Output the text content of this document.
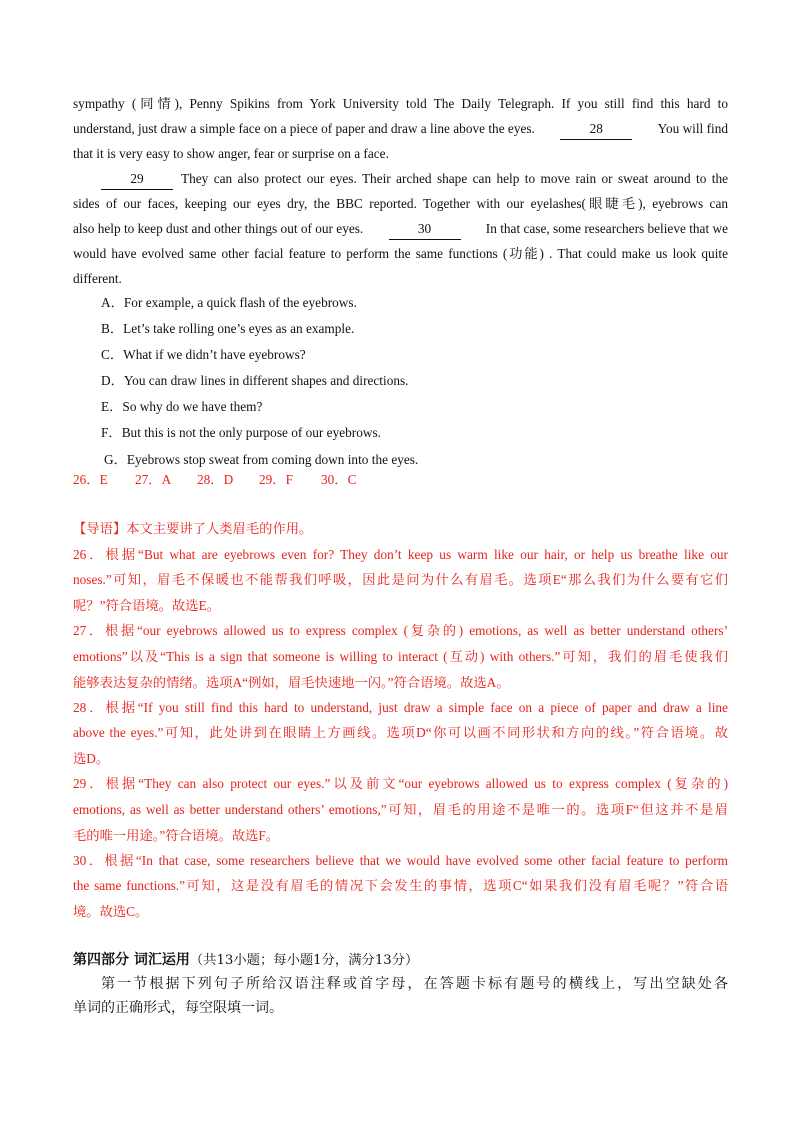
sympathy (同情), Penny Spikins from York University told The Daily Telegraph. If you still find this hard to
understand, just draw a simple face on a piece of paper and draw a line above the eyes.	28	You will find
that it is very easy to show anger, fear or surprise on a face.
29	They can also protect our eyes. Their arched shape can help to move rain or sweat around to the
sides of our faces, keeping our eyes dry, the BBC reported. Together with our eyelashes(眼睫毛), eyebrows can
also help to keep dust and other things out of our eyes.	30	In that case, some researchers believe that we
would have evolved same other facial feature to perform the same functions (功能) . That could make us look quite
different.
A．For example, a quick flash of the eyebrows.
B．Let’s take rolling one’s eyes as an example.
C．What if we didn’t have eyebrows?
D．You can draw lines in different shapes and directions.
E．So why do we have them?
F．But this is not the only purpose of our eyebrows.
G．Eyebrows stop sweat from coming down into the eyes.
26．E	27．A	28．D	29．F	30．C
【导语】本文主要讲了人类眉毛的作用。
26．根据“But what are eyebrows even for? They don’t keep us warm like our hair, or help us breathe like our
noses.”可知，眉毛不保暖也不能帮我们呼吸，因此是问为什么有眉毛。选项E“那么我们为什么要有它们
呢？”符合语境。故选E。
27．根据“our eyebrows allowed us to express complex (复杂的) emotions, as well as better understand others’
emotions”以及“This is a sign that someone is willing to interact (互动) with others.”可知，我们的眉毛使我们
能够表达复杂的情绪。选项A“例如，眉毛快速地一闪。”符合语境。故选A。
28．根据“If you still find this hard to understand, just draw a simple face on a piece of paper and draw a line
above the eyes.”可知，此处讲到在眼睛上方画线。选项D“你可以画不同形状和方向的线。”符合语境。故
选D。
29．根据“They can also protect our eyes.”以及前文“our eyebrows allowed us to express complex (复杂的)
emotions, as well as better understand others’ emotions,”可知，眉毛的用途不是唯一的。选项F“但这并不是眉
毛的唯一用途。”符合语境。故选F。
30．根据“In that case, some researchers believe that we would have evolved some other facial feature to perform
the same functions.”可知，这是没有眉毛的情况下会发生的事情，选项C“如果我们没有眉毛呢？”符合语
境。故选C。
第四部分 词汇运用（共13小题；每小题1分，满分13分）
第一节根据下列句子所给汉语注释或首字母，在答题卡标有题号的横线上，写出空缺处各
单词的正确形式，每空限填一词。
